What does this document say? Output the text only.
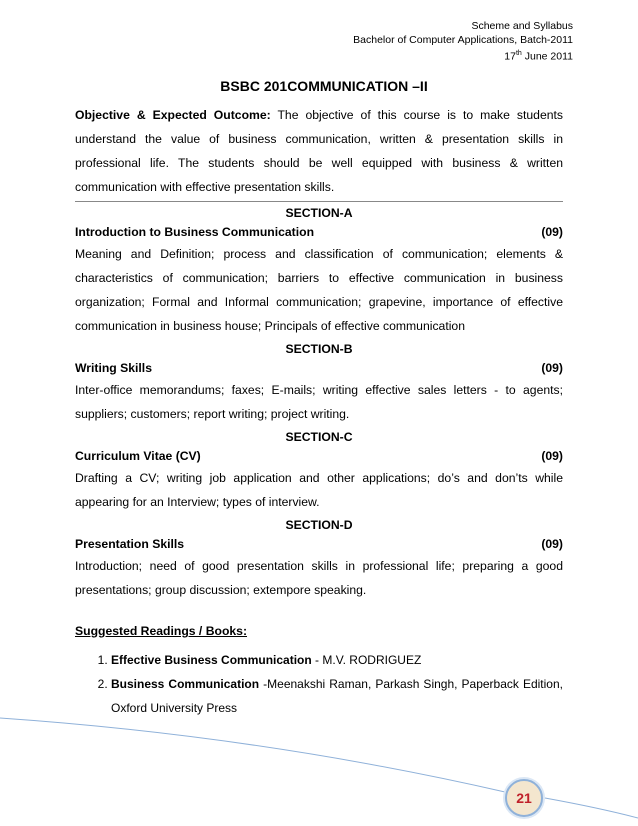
Scheme and Syllabus
Bachelor of Computer Applications, Batch-2011
17th June 2011
BSBC 201COMMUNICATION –II

Objective & Expected Outcome: The objective of this course is to make students understand the value of business communication, written & presentation skills in professional life. The students should be well equipped with business & written communication with effective presentation skills.

SECTION-A
Introduction to Business Communication	(09)

Meaning and Definition; process and classification of communication; elements & characteristics of communication; barriers to effective communication in business organization; Formal and Informal communication; grapevine, importance of effective communication in business house; Principals of effective communication

SECTION-B
Writing Skills	(09)

Inter-office memorandums; faxes; E-mails; writing effective sales letters - to agents; suppliers; customers; report writing; project writing.

SECTION-C
Curriculum Vitae (CV)	(09)

Drafting a CV; writing job application and other applications; do’s and don’ts while appearing for an Interview; types of interview.

SECTION-D
Presentation Skills	(09)

Introduction; need of good presentation skills in professional life; preparing a good presentations; group discussion; extempore speaking.

Suggested Readings / Books:
1. Effective Business Communication - M.V. RODRIGUEZ
2. Business Communication -Meenakshi Raman, Parkash Singh, Paperback Edition, Oxford University Press
21
